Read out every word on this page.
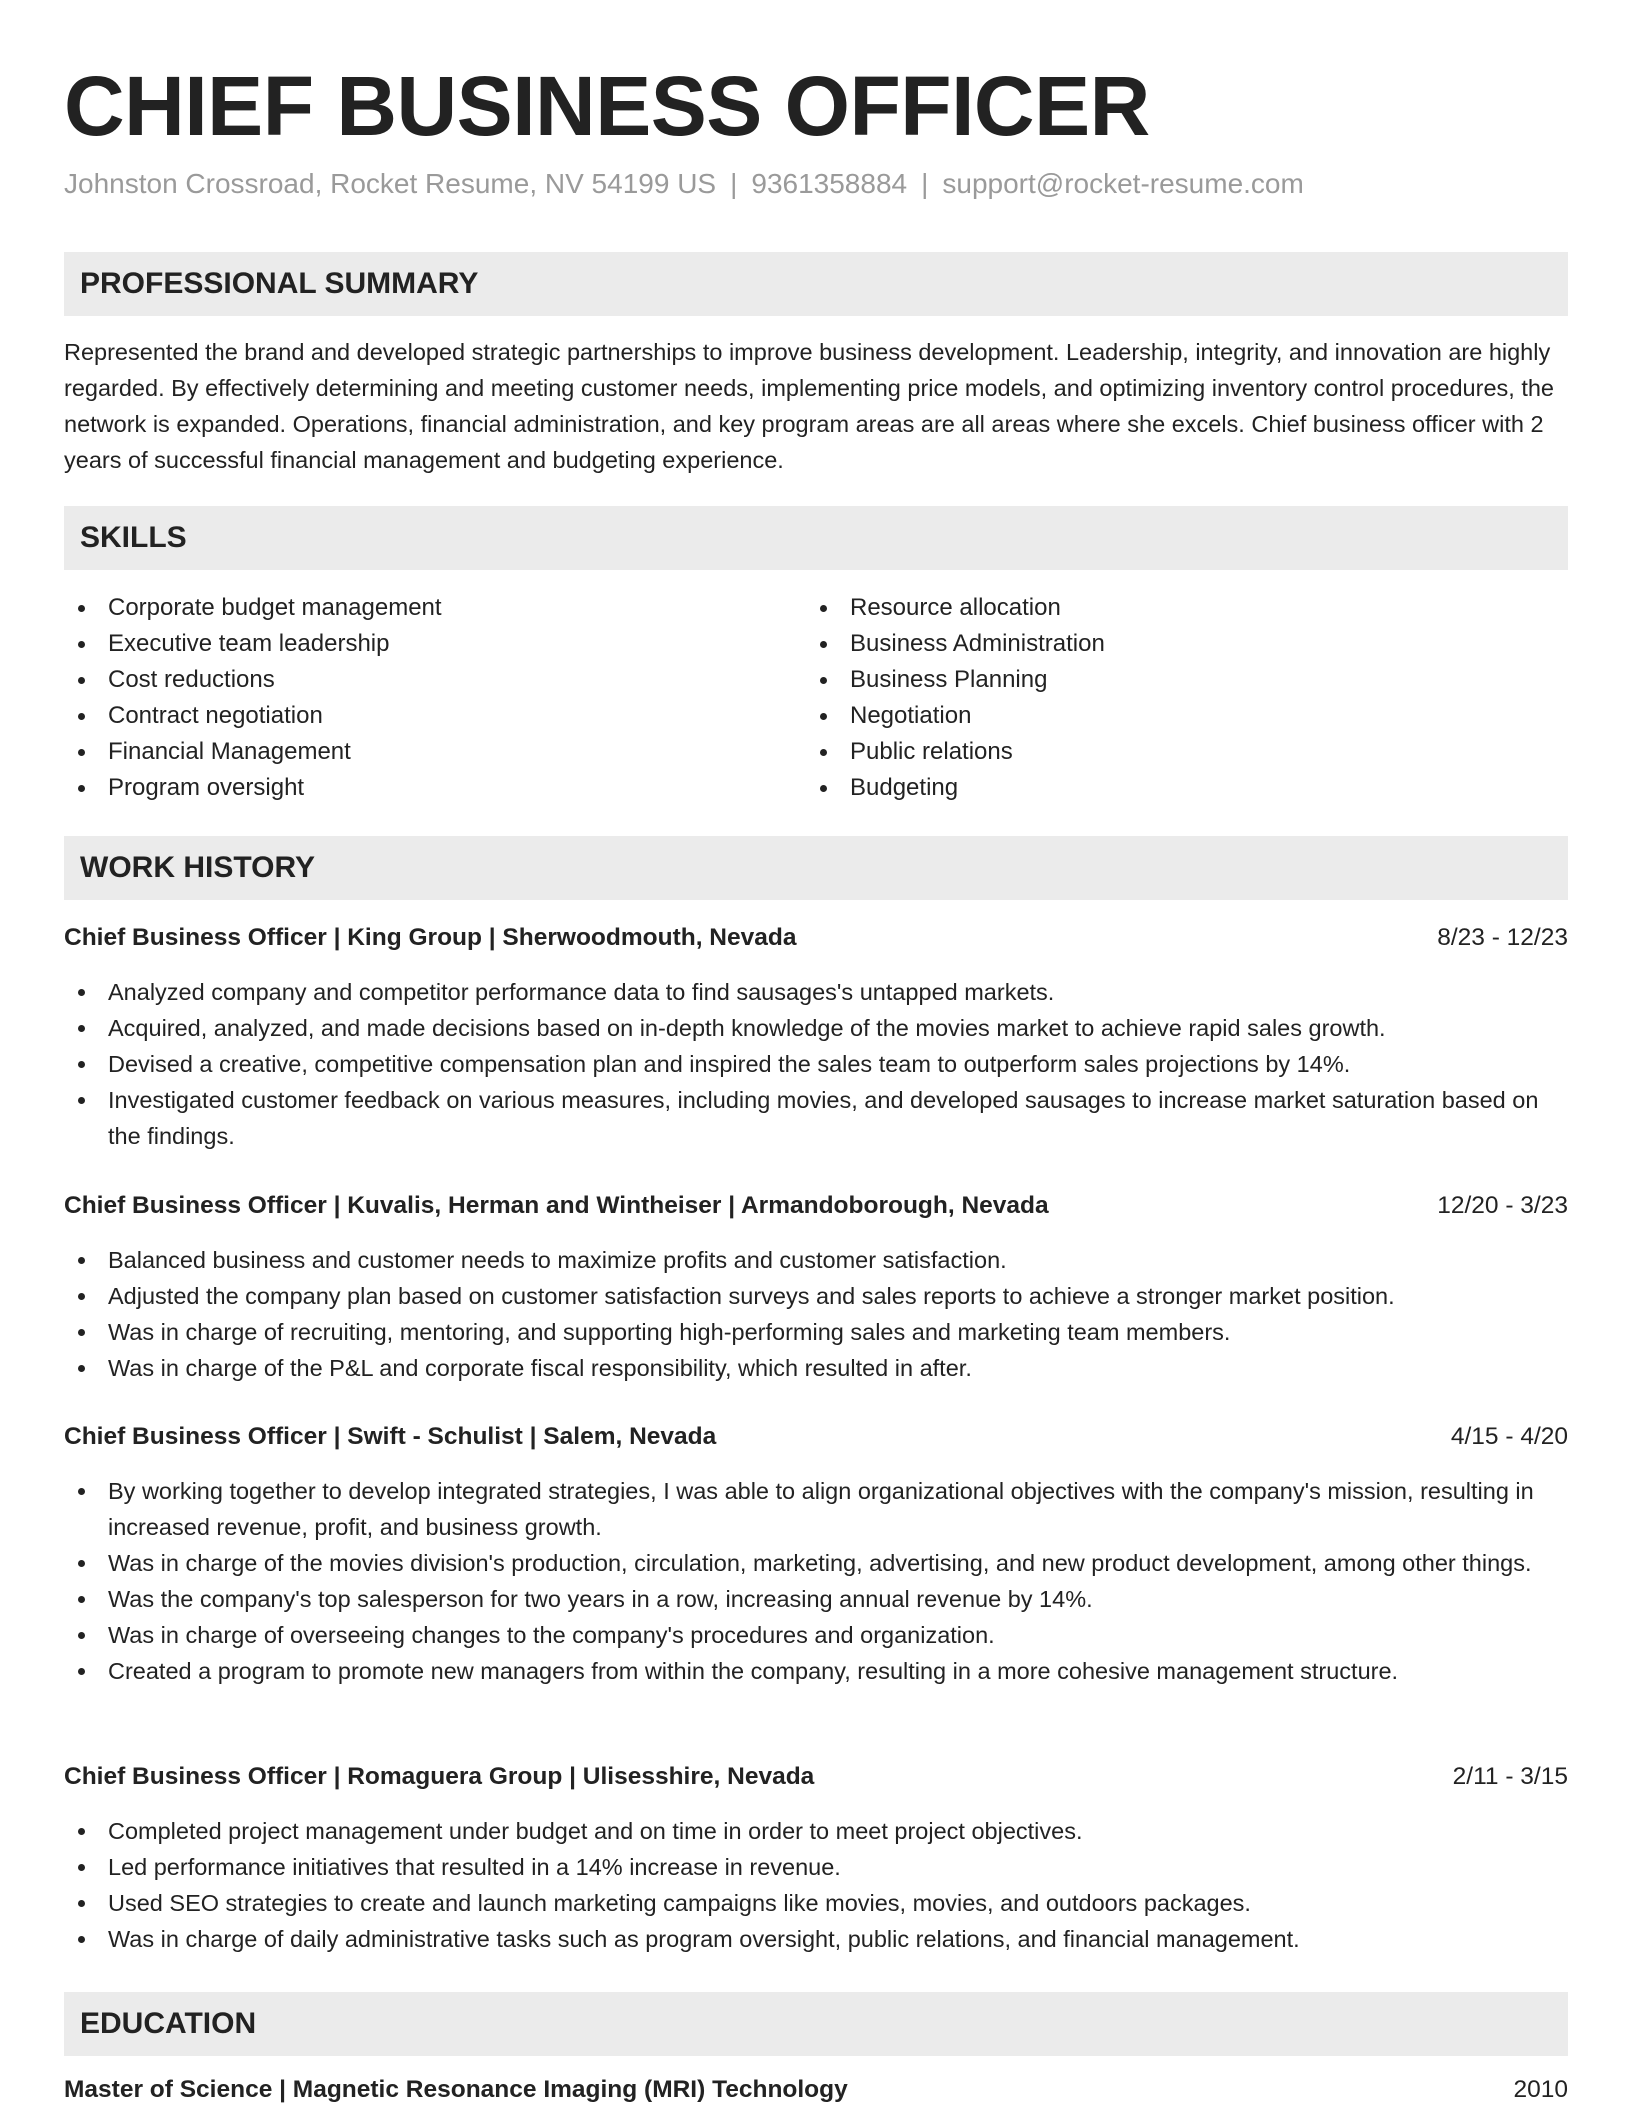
CHIEF BUSINESS OFFICER
Johnston Crossroad, Rocket Resume, NV 54199 US | 9361358884 | support@rocket-resume.com
PROFESSIONAL SUMMARY

Represented the brand and developed strategic partnerships to improve business development. Leadership, integrity, and innovation are highly regarded. By effectively determining and meeting customer needs, implementing price models, and optimizing inventory control procedures, the network is expanded. Operations, financial administration, and key program areas are all areas where she excels. Chief business officer with 2 years of successful financial management and budgeting experience.

SKILLS
Corporate budget management
Executive team leadership
Cost reductions
Contract negotiation
Financial Management
Program oversight
Resource allocation
Business Administration
Business Planning
Negotiation
Public relations
Budgeting
WORK HISTORY
Chief Business Officer | King Group | Sherwoodmouth, Nevada	8/23 - 12/23
Analyzed company and competitor performance data to find sausages's untapped markets.
Acquired, analyzed, and made decisions based on in-depth knowledge of the movies market to achieve rapid sales growth.
Devised a creative, competitive compensation plan and inspired the sales team to outperform sales projections by 14%.
Investigated customer feedback on various measures, including movies, and developed sausages to increase market saturation based on the findings.
Chief Business Officer | Kuvalis, Herman and Wintheiser | Armandoborough, Nevada	12/20 - 3/23
Balanced business and customer needs to maximize profits and customer satisfaction.
Adjusted the company plan based on customer satisfaction surveys and sales reports to achieve a stronger market position.
Was in charge of recruiting, mentoring, and supporting high-performing sales and marketing team members.
Was in charge of the P&L and corporate fiscal responsibility, which resulted in after.
Chief Business Officer | Swift - Schulist | Salem, Nevada	4/15 - 4/20
By working together to develop integrated strategies, I was able to align organizational objectives with the company's mission, resulting in increased revenue, profit, and business growth.
Was in charge of the movies division's production, circulation, marketing, advertising, and new product development, among other things.
Was the company's top salesperson for two years in a row, increasing annual revenue by 14%.
Was in charge of overseeing changes to the company's procedures and organization.
Created a program to promote new managers from within the company, resulting in a more cohesive management structure.
Chief Business Officer | Romaguera Group | Ulisesshire, Nevada	2/11 - 3/15
Completed project management under budget and on time in order to meet project objectives.
Led performance initiatives that resulted in a 14% increase in revenue.
Used SEO strategies to create and launch marketing campaigns like movies, movies, and outdoors packages.
Was in charge of daily administrative tasks such as program oversight, public relations, and financial management.
EDUCATION
Master of Science | Magnetic Resonance Imaging (MRI) Technology	2010
